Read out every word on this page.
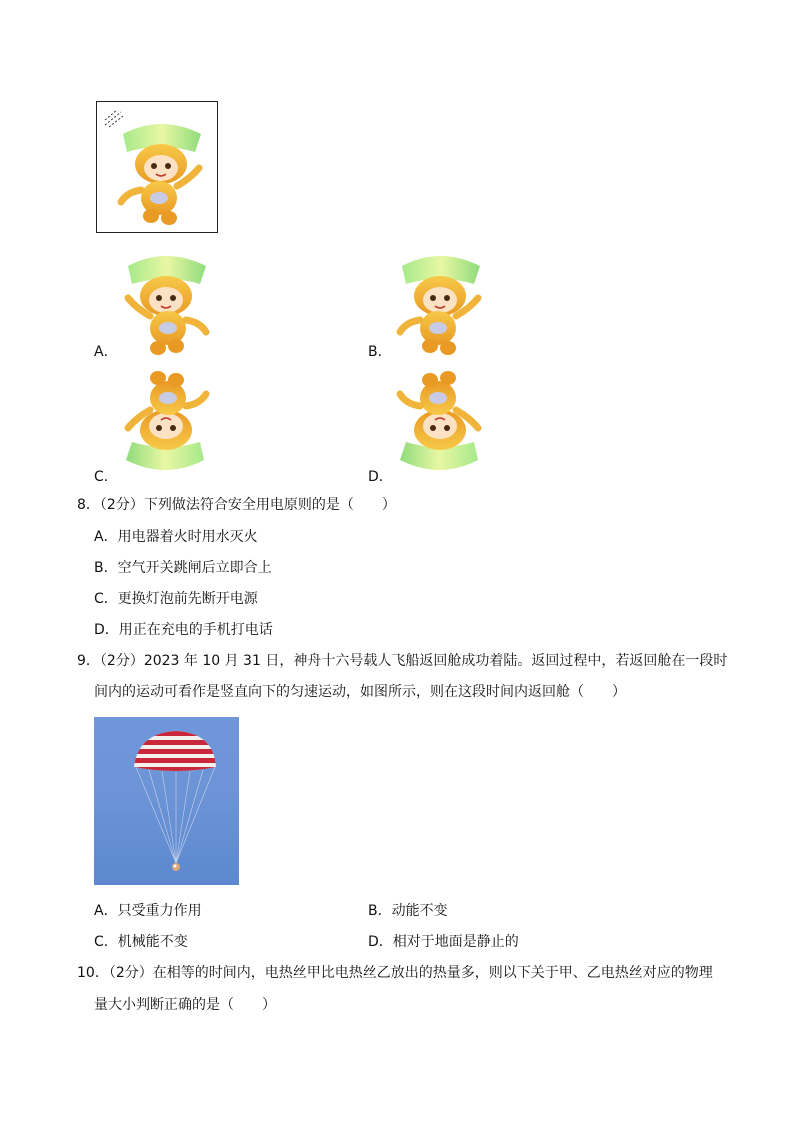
A．	B．
C．	D．
8．（2分）下列做法符合安全用电原则的是（　　）
A．用电器着火时用水灭火
B．空气开关跳闸后立即合上
C．更换灯泡前先断开电源
D．用正在充电的手机打电话
9．（2分）2023 年 10 月 31 日，神舟十六号载人飞船返回舱成功着陆。返回过程中，若返回舱在一段时
间内的运动可看作是竖直向下的匀速运动，如图所示，则在这段时间内返回舱（　　）
A．只受重力作用	B．动能不变
C．机械能不变	D．相对于地面是静止的
10．（2分）在相等的时间内，电热丝甲比电热丝乙放出的热量多，则以下关于甲、乙电热丝对应的物理
量大小判断正确的是（　　）
